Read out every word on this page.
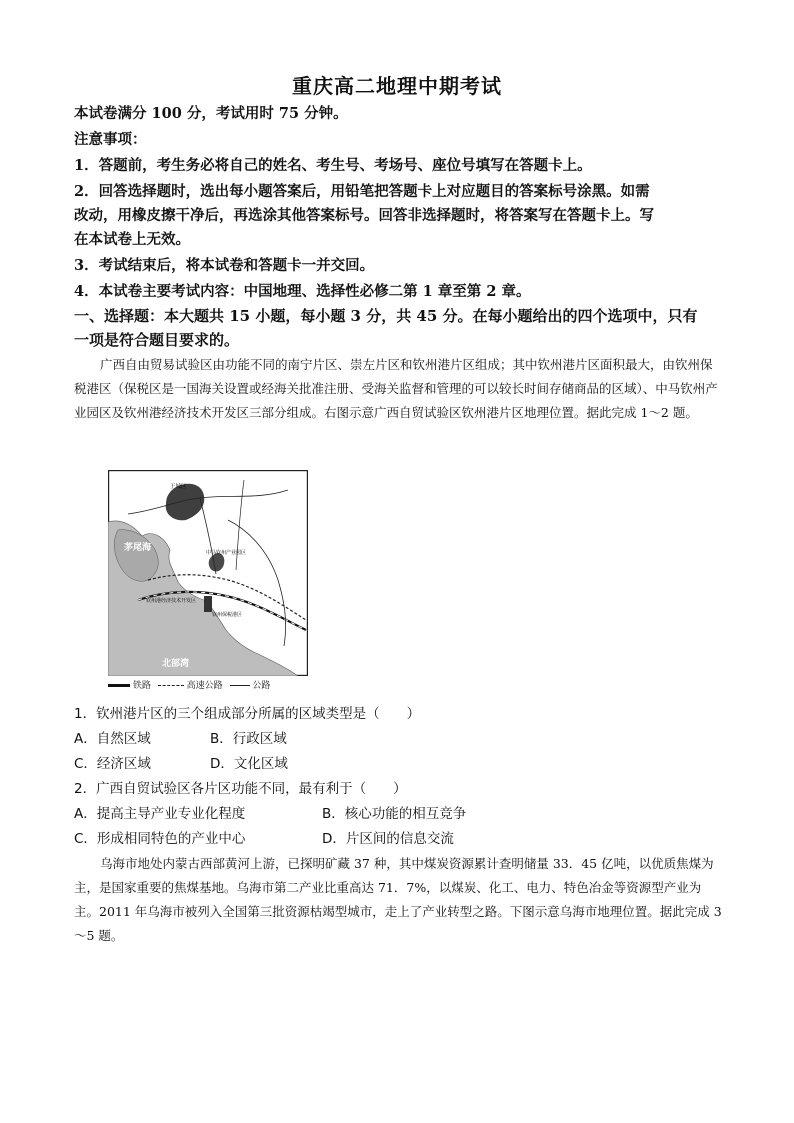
重庆高二地理中期考试
本试卷满分 100 分，考试用时 75 分钟。
注意事项：
1．答题前，考生务必将自己的姓名、考生号、考场号、座位号填写在答题卡上。
2．回答选择题时，选出每小题答案后，用铅笔把答题卡上对应题目的答案标号涂黑。如需
改动，用橡皮擦干净后，再选涂其他答案标号。回答非选择题时，将答案写在答题卡上。写
在本试卷上无效。
3．考试结束后，将本试卷和答题卡一并交回。
4．本试卷主要考试内容：中国地理、选择性必修二第 1 章至第 2 章。
一、选择题：本大题共 15 小题，每小题 3 分，共 45 分。在每小题给出的四个选项中，只有
一项是符合题目要求的。
广西自由贸易试验区由功能不同的南宁片区、崇左片区和钦州港片区组成；其中钦州港片区面积最大，由钦州保税港区（保税区是一国海关设置或经海关批准注册、受海关监督和管理的可以较长时间存储商品的区域）、中马钦州产业园区及钦州港经济技术开发区三部分组成。右图示意广西自贸试验区钦州港片区地理位置。据此完成 1～2 题。
王城区
茅尾海	中马钦州产业园区
钦州港经济技术开发区
钦州保税港区
北部湾
铁路	高速公路	公路
1．钦州港片区的三个组成部分所属的区域类型是（　　）
A．自然区域	B．行政区域
C．经济区域	D．文化区域
2．广西自贸试验区各片区功能不同，最有利于（　　）
A．提高主导产业专业化程度	B．核心功能的相互竞争
C．形成相同特色的产业中心	D．片区间的信息交流
乌海市地处内蒙古西部黄河上游，已探明矿藏 37 种，其中煤炭资源累计查明储量 33．45 亿吨，以优质焦煤为主，是国家重要的焦煤基地。乌海市第二产业比重高达 71．7%，以煤炭、化工、电力、特色冶金等资源型产业为主。2011 年乌海市被列入全国第三批资源枯竭型城市，走上了产业转型之路。下图示意乌海市地理位置。据此完成 3～5 题。
